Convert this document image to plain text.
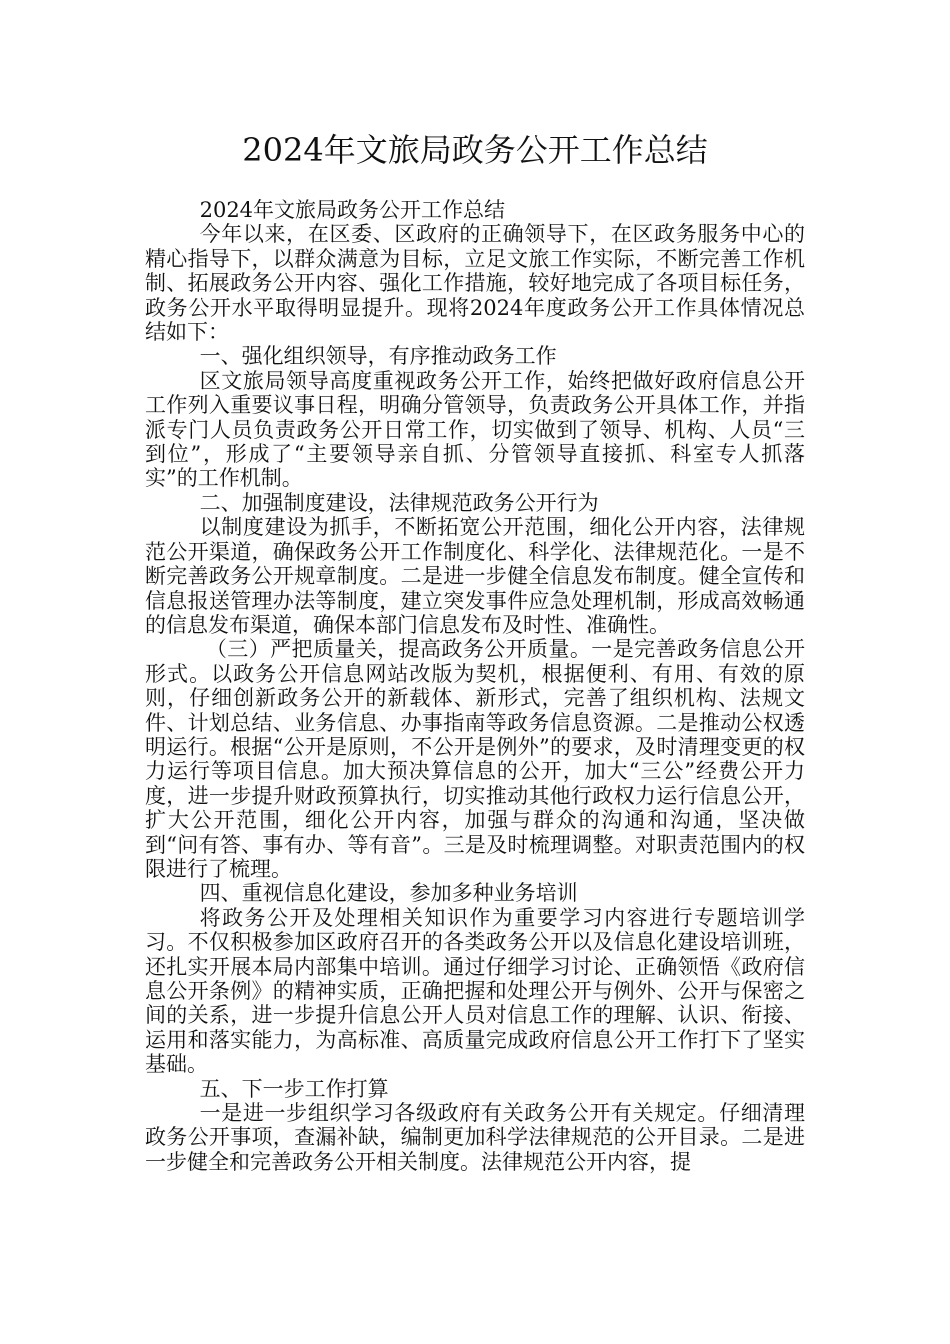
2024年文旅局政务公开工作总结

2024年文旅局政务公开工作总结

今年以来，在区委、区政府的正确领导下，在区政务服务中心的精心指导下，以群众满意为目标，立足文旅工作实际，不断完善工作机制、拓展政务公开内容、强化工作措施，较好地完成了各项目标任务，政务公开水平取得明显提升。现将2024年度政务公开工作具体情况总结如下：

一、强化组织领导，有序推动政务工作

区文旅局领导高度重视政务公开工作，始终把做好政府信息公开工作列入重要议事日程，明确分管领导，负责政务公开具体工作，并指派专门人员负责政务公开日常工作，切实做到了领导、机构、人员“三到位”，形成了“主要领导亲自抓、分管领导直接抓、科室专人抓落实”的工作机制。

二、加强制度建设，法律规范政务公开行为

以制度建设为抓手，不断拓宽公开范围，细化公开内容，法律规范公开渠道，确保政务公开工作制度化、科学化、法律规范化。一是不断完善政务公开规章制度。二是进一步健全信息发布制度。健全宣传和信息报送管理办法等制度，建立突发事件应急处理机制，形成高效畅通的信息发布渠道，确保本部门信息发布及时性、准确性。

（三）严把质量关，提高政务公开质量。一是完善政务信息公开形式。以政务公开信息网站改版为契机，根据便利、有用、有效的原则，仔细创新政务公开的新载体、新形式，完善了组织机构、法规文件、计划总结、业务信息、办事指南等政务信息资源。二是推动公权透明运行。根据“公开是原则，不公开是例外”的要求，及时清理变更的权力运行等项目信息。加大预决算信息的公开，加大“三公”经费公开力度，进一步提升财政预算执行，切实推动其他行政权力运行信息公开，扩大公开范围，细化公开内容，加强与群众的沟通和沟通，坚决做到“问有答、事有办、等有音”。三是及时梳理调整。对职责范围内的权限进行了梳理。

四、重视信息化建设，参加多种业务培训

将政务公开及处理相关知识作为重要学习内容进行专题培训学习。不仅积极参加区政府召开的各类政务公开以及信息化建设培训班，还扎实开展本局内部集中培训。通过仔细学习讨论、正确领悟《政府信息公开条例》的精神实质，正确把握和处理公开与例外、公开与保密之间的关系，进一步提升信息公开人员对信息工作的理解、认识、衔接、运用和落实能力，为高标准、高质量完成政府信息公开工作打下了坚实基础。

五、下一步工作打算

一是进一步组织学习各级政府有关政务公开有关规定。仔细清理政务公开事项，查漏补缺，编制更加科学法律规范的公开目录。二是进一步健全和完善政务公开相关制度。法律规范公开内容，提
